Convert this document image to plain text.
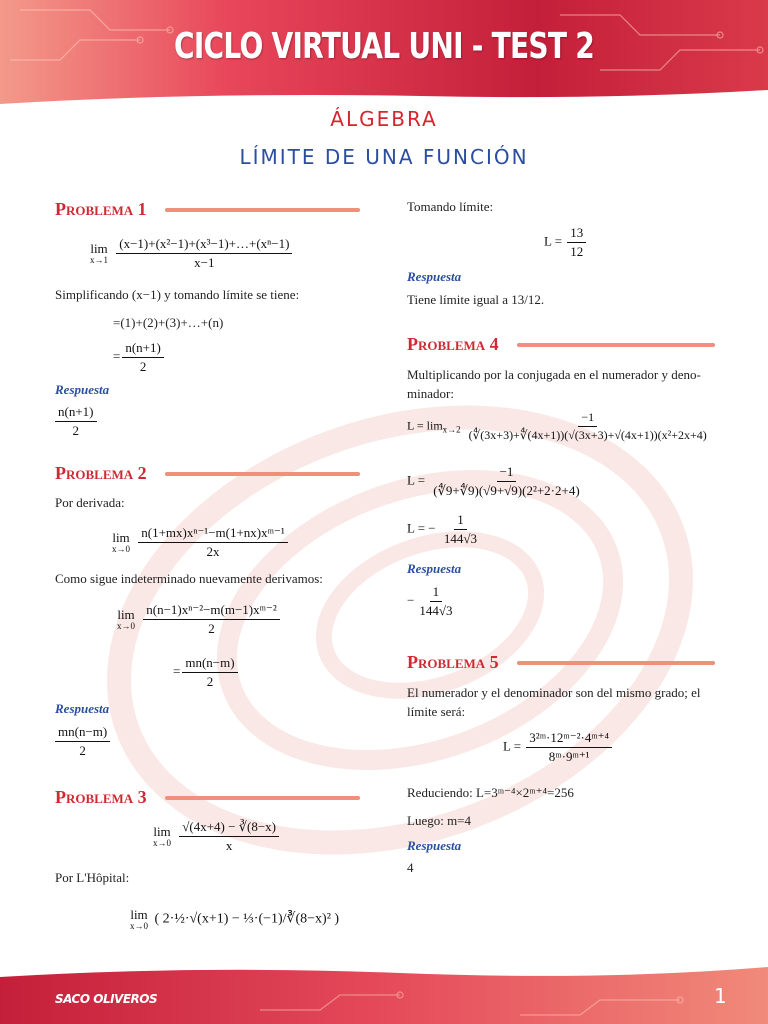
CICLO VIRTUAL UNI - TEST 2
ÁLGEBRA
LÍMITE DE UNA FUNCIÓN
Problema 1
lim
x→1
$\frac{\text{(x−1)+(x²−1)+(x³−1)+…+(xⁿ−1)}}{x-1}$
Simplificando (x−1) y tomando límite se tiene:
=(1)+(2)+(3)+…+(n)
= $\frac{n(n+1)}{2}$
Respuesta
$\frac{n(n+1)}{2}$
Problema 2
Por derivada:
lim
x→0
$\frac{\text{n(1+mx)xⁿ⁻¹−m(1+nx)xᵐ⁻¹}}{2x}$
Como sigue indeterminado nuevamente derivamos:
lim
x→0
$\frac{\text{n(n−1)xⁿ⁻²−m(m−1)xᵐ⁻²}}{2}$
= $\frac{mn(n-m)}{2}$
Respuesta
$\frac{mn(n-m)}{2}$
Problema 3
lim
x→0
$\frac{√(4x+4) - ∛(8-x)}{x}$
Por L'Hôpital:
lim
x→0 ( 2·½·√(x+1) − ⅓·(−1)/∛(8−x)² )
Tomando límite:
$L = \frac{13}{12}$
Respuesta
Tiene límite igual a 13/12.
Problema 4
Multiplicando por la conjugada en el numerador y deno-
minador:
$L = \lim_{x\to 2} \frac{-1}{\text{(∜(3x+3)+∜(4x+1))(√(3x+3)+√(4x+1))(x²+2x+4)}}$
$L = \frac{-1}{\text{(∜9+∜9)(√9+√9)(2²+2·2+4)}}$
L = − $\frac{1}{144√3}$
Respuesta
− $\frac{1}{144√3}$
Problema 5
El numerador y el denominador son del mismo grado; el
límite será:
$L = \frac{\text{3²ᵐ·12ᵐ⁻²·4ᵐ⁺⁴}}{\text{8ᵐ·9ᵐ⁺¹}}$
Reduciendo: L=3ᵐ⁻⁴×2ᵐ⁺⁴=256
Luego: m=4
Respuesta
4
SACO OLIVEROS	1
